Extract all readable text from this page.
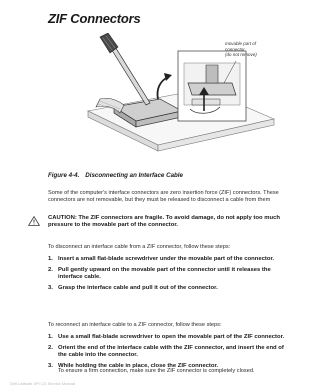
ZIF Connectors
movable part of
connector
(do not remove)

Figure 4-4. Disconnecting an Interface Cable

Some of the computer's interface connectors are zero insertion force (ZIF) connectors. These connectors are not removable, but they must be released to disconnect a cable from them

CAUTION: The ZIF connectors are fragile. To avoid damage, do not apply too much pressure to the movable part of the connector.

To disconnect an interface cable from a ZIF connector, follow these steps:

1. Insert a small flat-blade screwdriver under the movable part of the connector.
2. Pull gently upward on the movable part of the connector until it releases the interface cable.
3. Grasp the interface cable and pull it out of the connector.

To reconnect an interface cable to a ZIF connector, follow these steps:

1. Use a small flat-blade screwdriver to open the movable part of the ZIF connector.
2. Orient the end of the interface cable with the ZIF connector, and insert the end of the cable into the connector.
3. While holding the cable in place, close the ZIF connector.

To ensure a firm connection, make sure the ZIF connector is completely closed.

Dell Latitude XPi CD Service Manual
